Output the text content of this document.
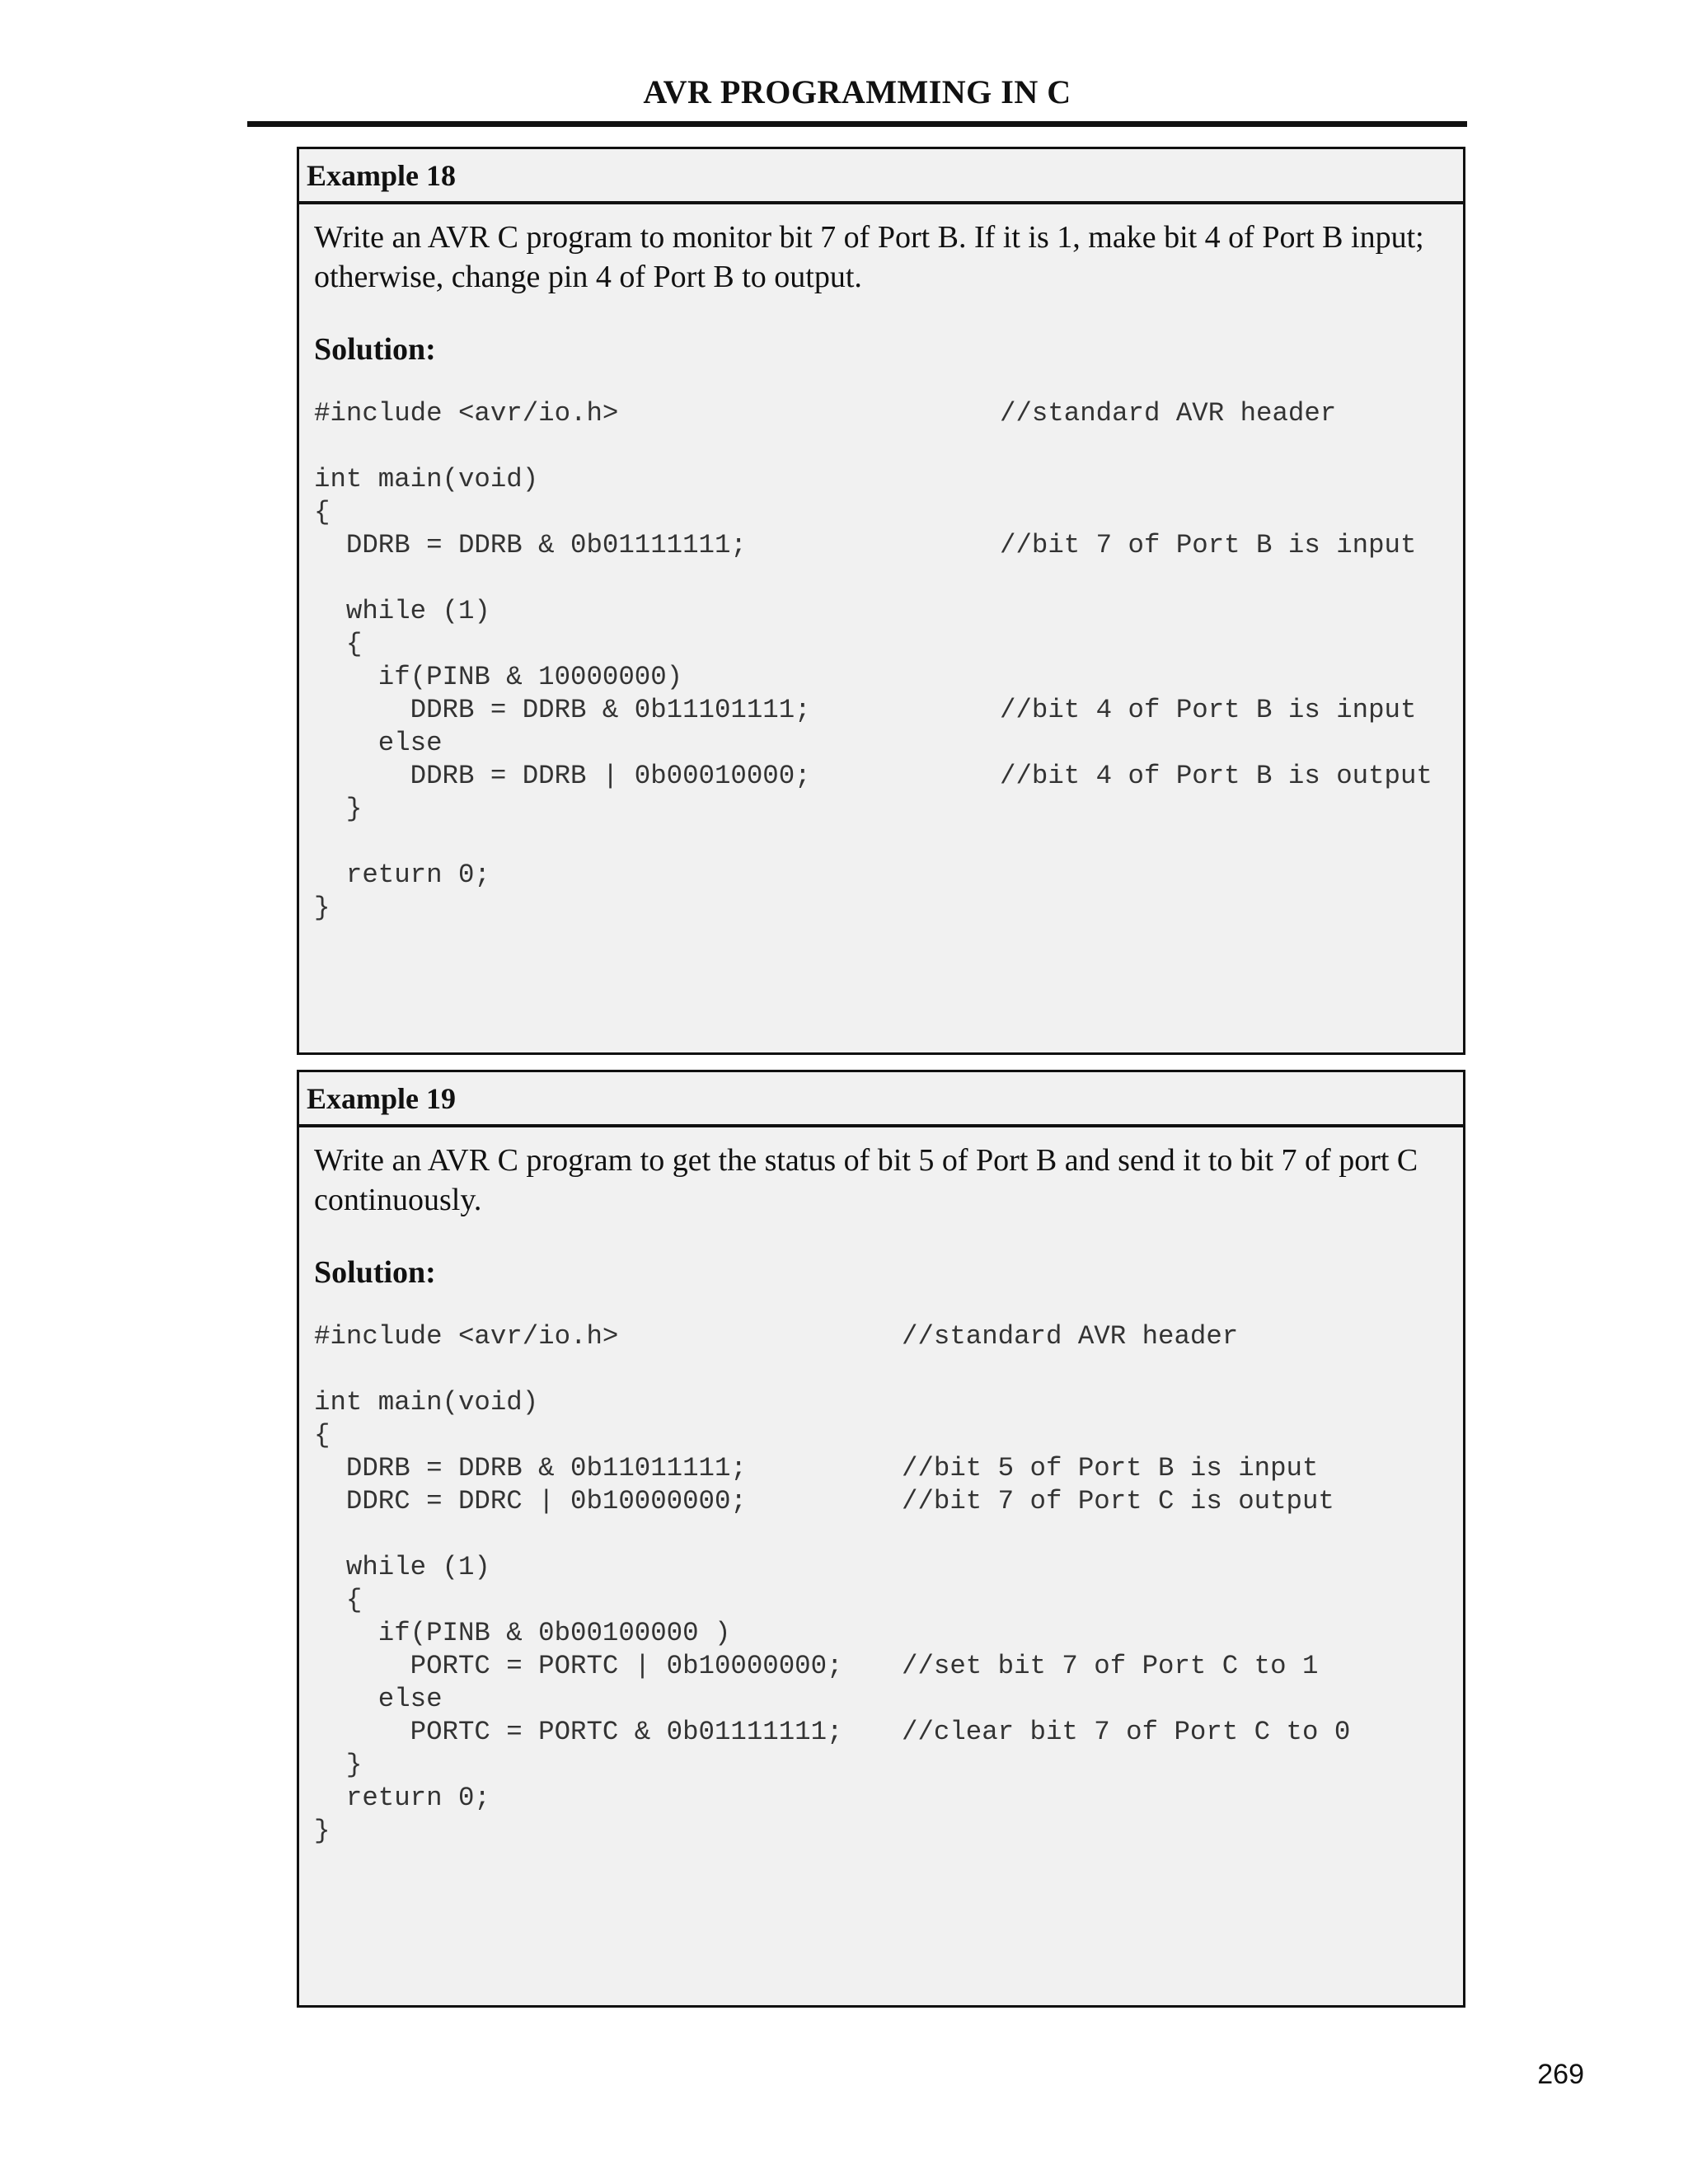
AVR PROGRAMMING IN C
Example 18
Write an AVR C program to monitor bit 7 of Port B. If it is 1, make bit 4 of Port B input; otherwise, change pin 4 of Port B to output.
Solution:
#include <avr/io.h>	//standard AVR header
int main(void)
{
DDRB = DDRB & 0b01111111;	//bit 7 of Port B is input
while (1)
{
if(PINB & 10000000)
DDRB = DDRB & 0b11101111;	//bit 4 of Port B is input
else
DDRB = DDRB | 0b00010000;	//bit 4 of Port B is output
}
return 0;
}
Example 19
Write an AVR C program to get the status of bit 5 of Port B and send it to bit 7 of port C continuously.
Solution:
#include <avr/io.h>	//standard AVR header
int main(void)
{
DDRB = DDRB & 0b11011111;	//bit 5 of Port B is input
DDRC = DDRC | 0b10000000;	//bit 7 of Port C is output
while (1)
{
if(PINB & 0b00100000 )
PORTC = PORTC | 0b10000000; //set bit 7 of Port C to 1
else
PORTC = PORTC & 0b01111111; //clear bit 7 of Port C to 0
}
return 0;
}
269
